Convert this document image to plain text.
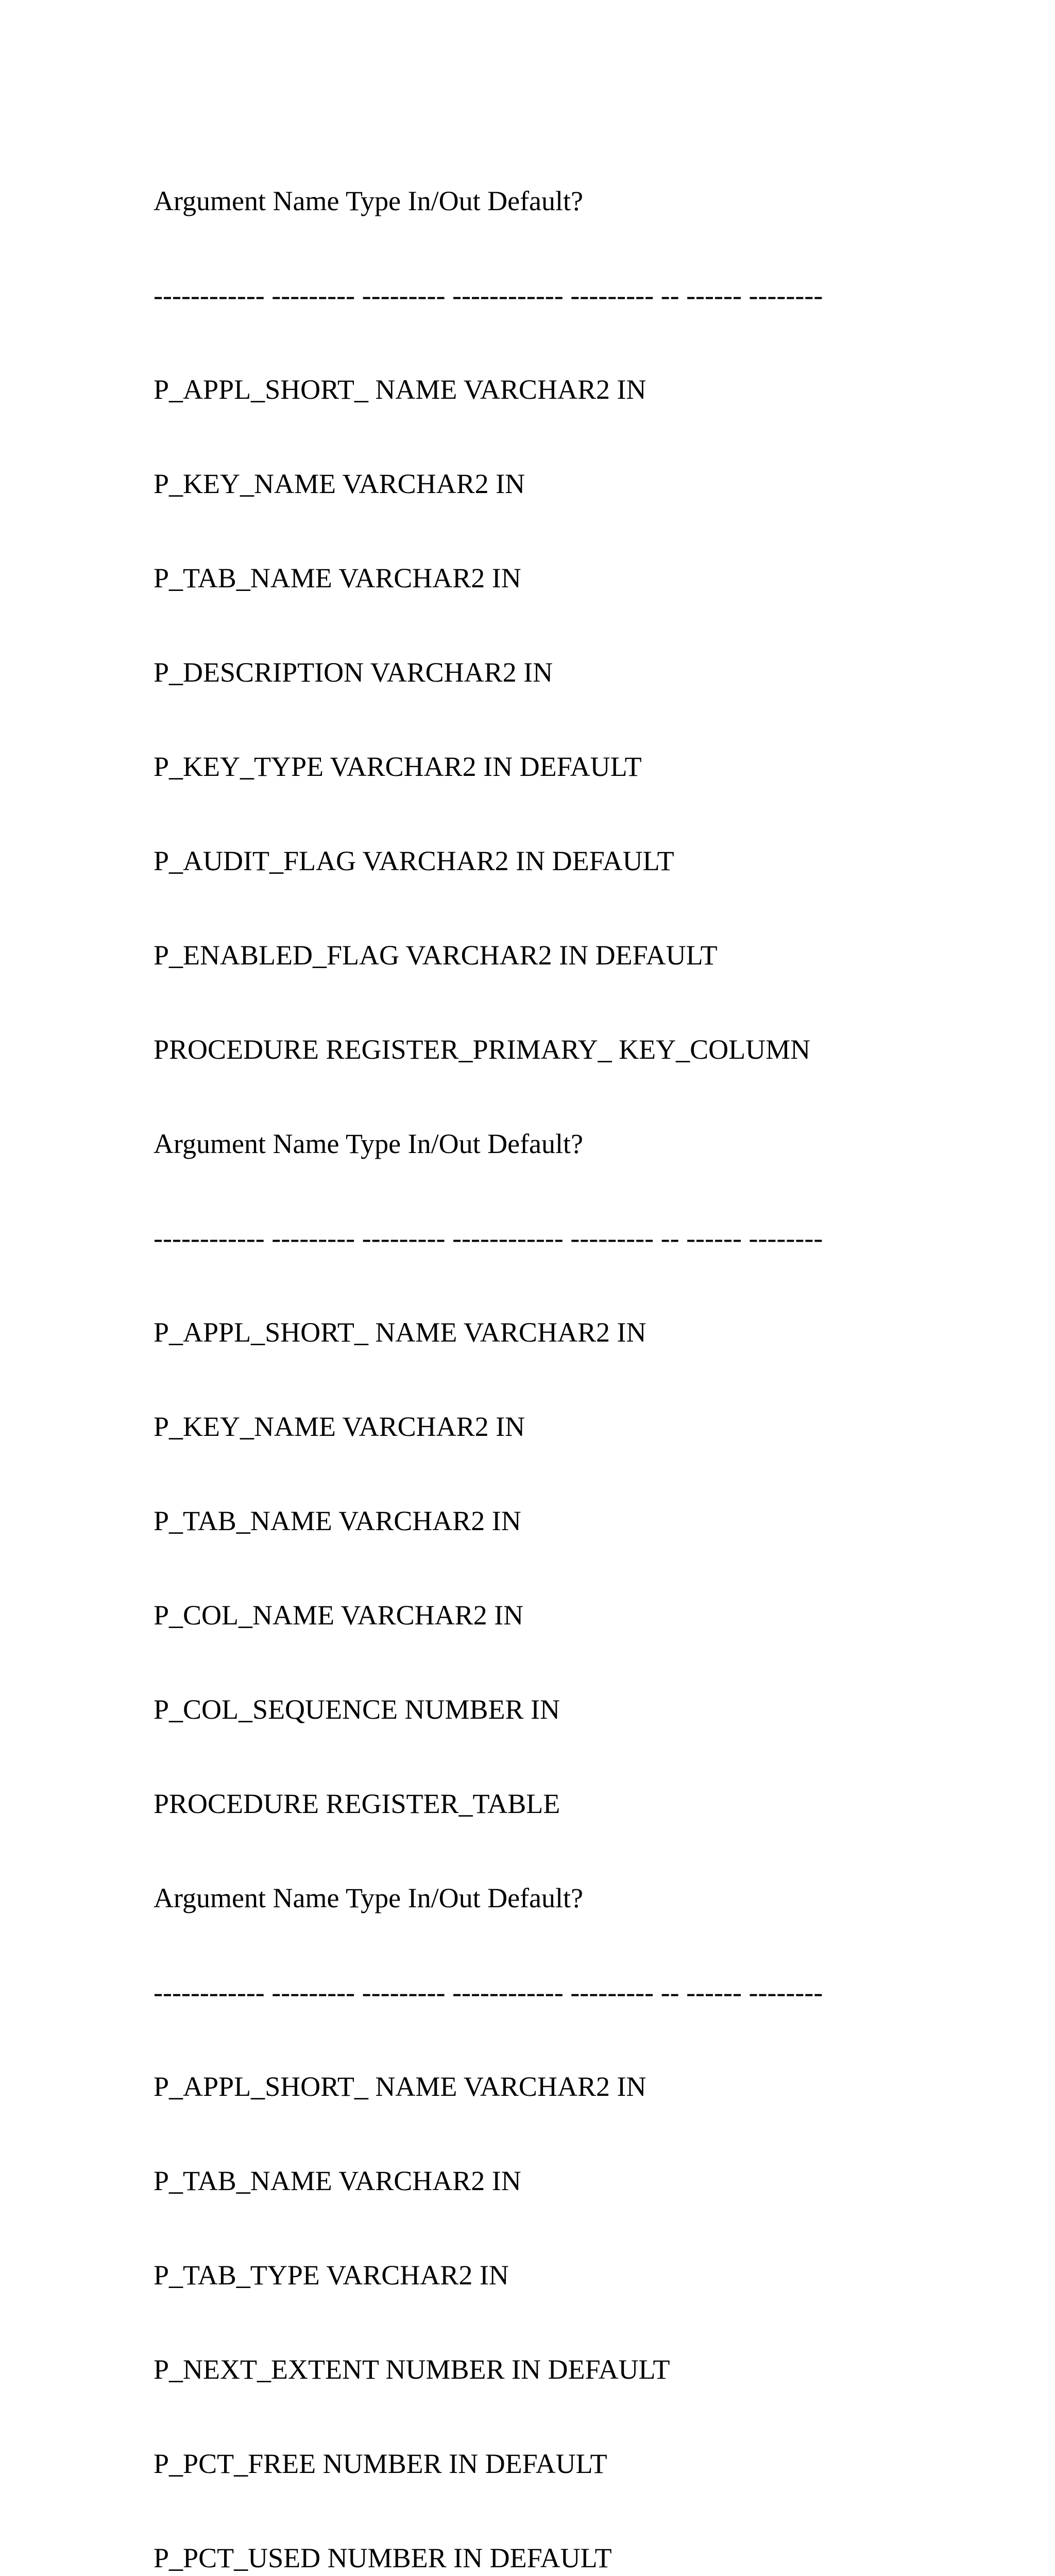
Argument Name Type In/Out Default?

------------ --------- --------- ------------ --------- -- ------ --------

P_APPL_SHORT_ NAME VARCHAR2 IN

P_KEY_NAME VARCHAR2 IN

P_TAB_NAME VARCHAR2 IN

P_DESCRIPTION VARCHAR2 IN

P_KEY_TYPE VARCHAR2 IN DEFAULT

P_AUDIT_FLAG VARCHAR2 IN DEFAULT

P_ENABLED_FLAG VARCHAR2 IN DEFAULT

PROCEDURE REGISTER_PRIMARY_ KEY_COLUMN

Argument Name Type In/Out Default?

------------ --------- --------- ------------ --------- -- ------ --------

P_APPL_SHORT_ NAME VARCHAR2 IN

P_KEY_NAME VARCHAR2 IN

P_TAB_NAME VARCHAR2 IN

P_COL_NAME VARCHAR2 IN

P_COL_SEQUENCE NUMBER IN

PROCEDURE REGISTER_TABLE

Argument Name Type In/Out Default?

------------ --------- --------- ------------ --------- -- ------ --------

P_APPL_SHORT_ NAME VARCHAR2 IN

P_TAB_NAME VARCHAR2 IN

P_TAB_TYPE VARCHAR2 IN

P_NEXT_EXTENT NUMBER IN DEFAULT

P_PCT_FREE NUMBER IN DEFAULT

P_PCT_USED NUMBER IN DEFAULT
